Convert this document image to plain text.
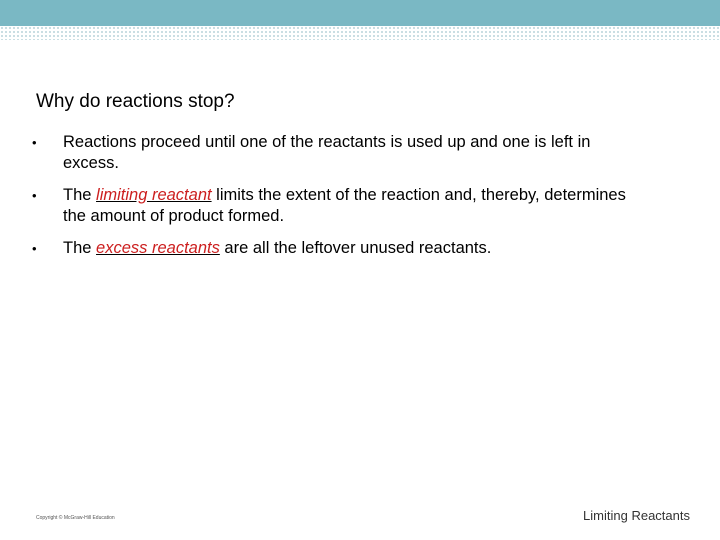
Why do reactions stop?
• Reactions proceed until one of the reactants is used up and one is left in excess.
• The limiting reactant limits the extent of the reaction and, thereby, determines the amount of product formed.
• The excess reactants are all the leftover unused reactants.
Copyright © McGraw-Hill Education	Limiting Reactants
